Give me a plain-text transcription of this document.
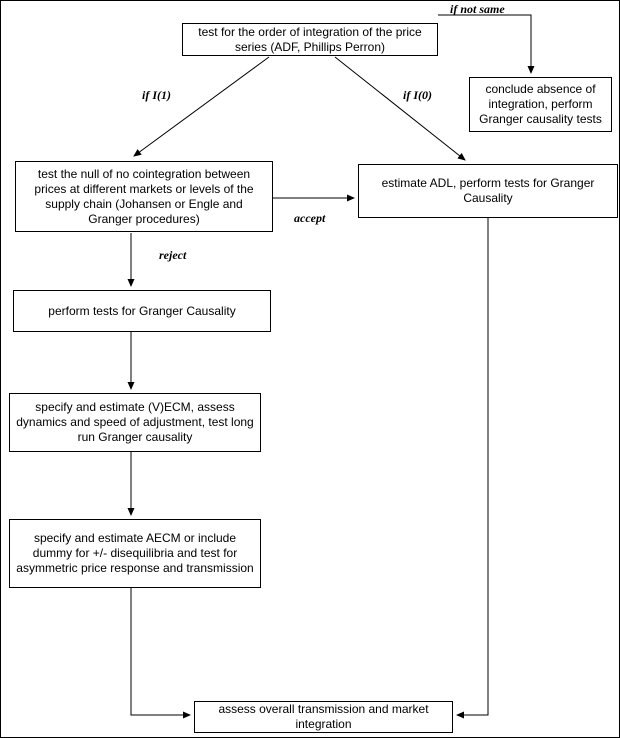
test for the order of integration of the price series (ADF, Phillips Perron)
conclude absence of integration, perform Granger causality tests
test the null of no cointegration between prices at different markets or levels of the supply chain (Johansen or Engle and Granger procedures)
estimate ADL, perform tests for Granger Causality
perform tests for Granger Causality
specify and estimate (V)ECM, assess dynamics and speed of adjustment, test long run Granger causality
specify and estimate AECM or include dummy for +/- disequilibria and test for asymmetric price response and transmission
assess overall transmission and market integration
if not same
if I(1)	if I(0)
accept
reject
